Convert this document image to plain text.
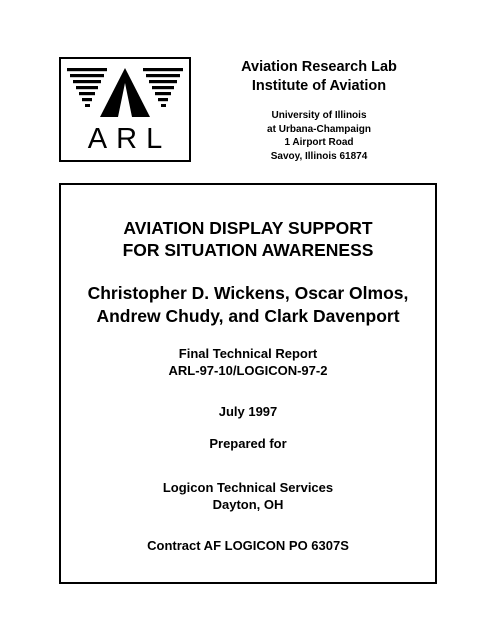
ARL
Aviation Research Lab
Institute of Aviation
University of Illinois
at Urbana-Champaign
1 Airport Road
Savoy, Illinois 61874
AVIATION DISPLAY SUPPORT
FOR SITUATION AWARENESS
Christopher D. Wickens, Oscar Olmos,
Andrew Chudy, and Clark Davenport
Final Technical Report
ARL-97-10/LOGICON-97-2
July 1997
Prepared for
Logicon Technical Services
Dayton, OH
Contract AF LOGICON PO 6307S
